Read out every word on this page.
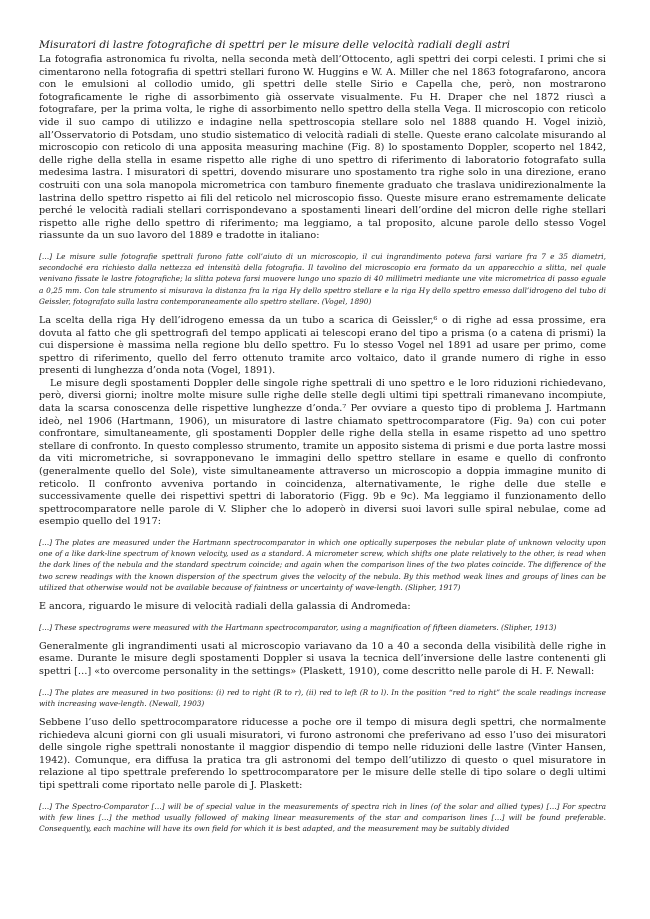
Misuratori di lastre fotografiche di spettri per le misure delle velocità radiali degli astri

La fotografia astronomica fu rivolta, nella seconda metà dell’Ottocento, agli spettri dei corpi celesti. I primi che si cimentarono nella fotografia di spettri stellari furono W. Huggins e W. A. Miller che nel 1863 fotografarono, ancora con le emulsioni al collodio umido, gli spettri delle stelle Sirio e Capella che, però, non mostrarono fotograficamente le righe di assorbimento già osservate visualmente. Fu H. Draper che nel 1872 riuscì a fotografare, per la prima volta, le righe di assorbimento nello spettro della stella Vega. Il microscopio con reticolo vide il suo campo di utilizzo e indagine nella spettroscopia stellare solo nel 1888 quando H. Vogel iniziò, all’Osservatorio di Potsdam, uno studio sistematico di velocità radiali di stelle. Queste erano calcolate misurando al microscopio con reticolo di una apposita measuring machine (Fig. 8) lo spostamento Doppler, scoperto nel 1842, delle righe della stella in esame rispetto alle righe di uno spettro di riferimento di laboratorio fotografato sulla medesima lastra. I misuratori di spettri, dovendo misurare uno spostamento tra righe solo in una direzione, erano costruiti con una sola manopola micrometrica con tamburo finemente graduato che traslava unidirezionalmente la lastrina dello spettro rispetto ai fili del reticolo nel microscopio fisso. Queste misure erano estremamente delicate perché le velocità radiali stellari corrispondevano a spostamenti lineari dell’ordine del micron delle righe stellari rispetto alle righe dello spettro di riferimento; ma leggiamo, a tal proposito, alcune parole dello stesso Vogel riassunte da un suo lavoro del 1889 e tradotte in italiano:

[…] Le misure sulle fotografie spettrali furono fatte coll’aiuto di un microscopio, il cui ingrandimento poteva farsi variare fra 7 e 35 diametri, secondoché era richiesto dalla nettezza ed intensità della fotografia. Il tavolino del microscopio era formato da un apparecchio a slitta, nel quale venivano fissate le lastre fotografiche; la slitta poteva farsi muovere lungo uno spazio di 40 millimetri mediante une vite micrometrica di passo eguale a 0,25 mm. Con tale strumento si misurava la distanza fra la riga Hγ dello spettro stellare e la riga Hγ dello spettro emesso dall’idrogeno del tubo di Geissler, fotografato sulla lastra contemporaneamente allo spettro stellare. (Vogel, 1890)

La scelta della riga Hγ dell’idrogeno emessa da un tubo a scarica di Geissler,⁶ o di righe ad essa prossime, era dovuta al fatto che gli spettrografi del tempo applicati ai telescopi erano del tipo a prisma (o a catena di prismi) la cui dispersione è massima nella regione blu dello spettro. Fu lo stesso Vogel nel 1891 ad usare per primo, come spettro di riferimento, quello del ferro ottenuto tramite arco voltaico, dato il grande numero di righe in esso presenti di lunghezza d’onda nota (Vogel, 1891).

Le misure degli spostamenti Doppler delle singole righe spettrali di uno spettro e le loro riduzioni richiedevano, però, diversi giorni; inoltre molte misure sulle righe delle stelle degli ultimi tipi spettrali rimanevano incompiute, data la scarsa conoscenza delle rispettive lunghezze d’onda.⁷ Per ovviare a questo tipo di problema J. Hartmann ideò, nel 1906 (Hartmann, 1906), un misuratore di lastre chiamato spettrocomparatore (Fig. 9a) con cui poter confrontare, simultaneamente, gli spostamenti Doppler delle righe della stella in esame rispetto ad uno spettro stellare di confronto. In questo complesso strumento, tramite un apposito sistema di prismi e due porta lastre mossi da viti micrometriche, si sovrapponevano le immagini dello spettro stellare in esame e quello di confronto (generalmente quello del Sole), viste simultaneamente attraverso un microscopio a doppia immagine munito di reticolo. Il confronto avveniva portando in coincidenza, alternativamente, le righe delle due stelle e successivamente quelle dei rispettivi spettri di laboratorio (Figg. 9b e 9c). Ma leggiamo il funzionamento dello spettrocomparatore nelle parole di V. Slipher che lo adoperò in diversi suoi lavori sulle spiral nebulae, come ad esempio quello del 1917:

[…] The plates are measured under the Hartmann spectrocomparator in which one optically superposes the nebular plate of unknown velocity upon one of a like dark-line spectrum of known velocity, used as a standard. A micrometer screw, which shifts one plate relatively to the other, is read when the dark lines of the nebula and the standard spectrum coincide; and again when the comparison lines of the two plates coincide. The difference of the two screw readings with the known dispersion of the spectrum gives the velocity of the nebula. By this method weak lines and groups of lines can be utilized that otherwise would not be available because of faintness or uncertainty of wave-length. (Slipher, 1917)

E ancora, riguardo le misure di velocità radiali della galassia di Andromeda:

[…] These spectrograms were measured with the Hartmann spectrocomparator, using a magnification of fifteen diameters. (Slipher, 1913)

Generalmente gli ingrandimenti usati al microscopio variavano da 10 a 40 a seconda della visibilità delle righe in esame. Durante le misure degli spostamenti Doppler si usava la tecnica dell’inversione delle lastre contenenti gli spettri […] «to overcome personality in the settings» (Plaskett, 1910), come descritto nelle parole di H. F. Newall:

[…] The plates are measured in two positions: (i) red to right (R to r), (ii) red to left (R to l). In the position “red to right” the scale readings increase with increasing wave-length. (Newall, 1903)

Sebbene l’uso dello spettrocomparatore riducesse a poche ore il tempo di misura degli spettri, che normalmente richiedeva alcuni giorni con gli usuali misuratori, vi furono astronomi che preferivano ad esso l’uso dei misuratori delle singole righe spettrali nonostante il maggior dispendio di tempo nelle riduzioni delle lastre (Vinter Hansen, 1942). Comunque, era diffusa la pratica tra gli astronomi del tempo dell’utilizzo di questo o quel misuratore in relazione al tipo spettrale preferendo lo spettrocomparatore per le misure delle stelle di tipo solare o degli ultimi tipi spettrali come riportato nelle parole di J. Plaskett:

[…] The Spectro-Comparator […] will be of special value in the measurements of spectra rich in lines (of the solar and allied types) […] For spectra with few lines […] the method usually followed of making linear measurements of the star and comparison lines […] will be found preferable. Consequently, each machine will have its own field for which it is best adapted, and the measurement may be suitably divided
